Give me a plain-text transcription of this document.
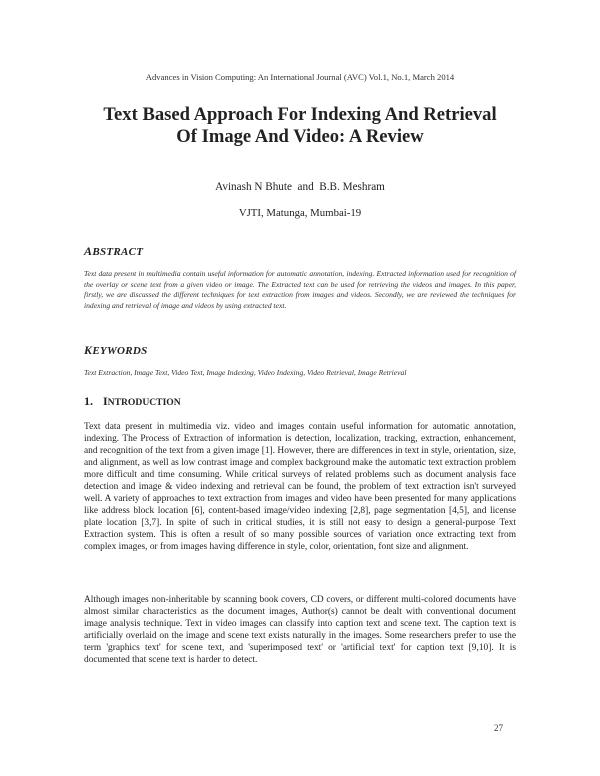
Advances in Vision Computing: An International Journal (AVC) Vol.1, No.1, March 2014
Text Based Approach For Indexing And Retrieval
Of Image And Video: A Review
Avinash N Bhute  and  B.B. Meshram
VJTI, Matunga, Mumbai-19
ABSTRACT

Text data present in multimedia contain useful information for automatic annotation, indexing. Extracted information used for recognition of the overlay or scene text from a given video or image. The Extracted text can be used for retrieving the videos and images. In this paper, firstly, we are discussed the different techniques for text extraction from images and videos. Secondly, we are reviewed the techniques for indexing and retrieval of image and videos by using extracted text.

KEYWORDS

Text Extraction, Image Text, Video Text, Image Indexing, Video Indexing, Video Retrieval, Image Retrieval

1. INTRODUCTION

Text data present in multimedia viz. video and images contain useful information for automatic annotation, indexing. The Process of Extraction of information is detection, localization, tracking, extraction, enhancement, and recognition of the text from a given image [1]. However, there are differences in text in style, orientation, size, and alignment, as well as low contrast image and complex background make the automatic text extraction problem more difficult and time consuming. While critical surveys of related problems such as document analysis face detection and image & video indexing and retrieval can be found, the problem of text extraction isn't surveyed well. A variety of approaches to text extraction from images and video have been presented for many applications like address block location [6], content-based image/video indexing [2,8], page segmentation [4,5], and license plate location [3,7]. In spite of such in critical studies, it is still not easy to design a general-purpose Text Extraction system. This is often a result of so many possible sources of variation once extracting text from complex images, or from images having difference in style, color, orientation, font size and alignment.

Although images non-inheritable by scanning book covers, CD covers, or different multi-colored documents have almost similar characteristics as the document images, Author(s) cannot be dealt with conventional document image analysis technique. Text in video images can classify into caption text and scene text. The caption text is artificially overlaid on the image and scene text exists naturally in the images. Some researchers prefer to use the term 'graphics text' for scene text, and 'superimposed text' or 'artificial text' for caption text [9,10]. It is documented that scene text is harder to detect.

27
